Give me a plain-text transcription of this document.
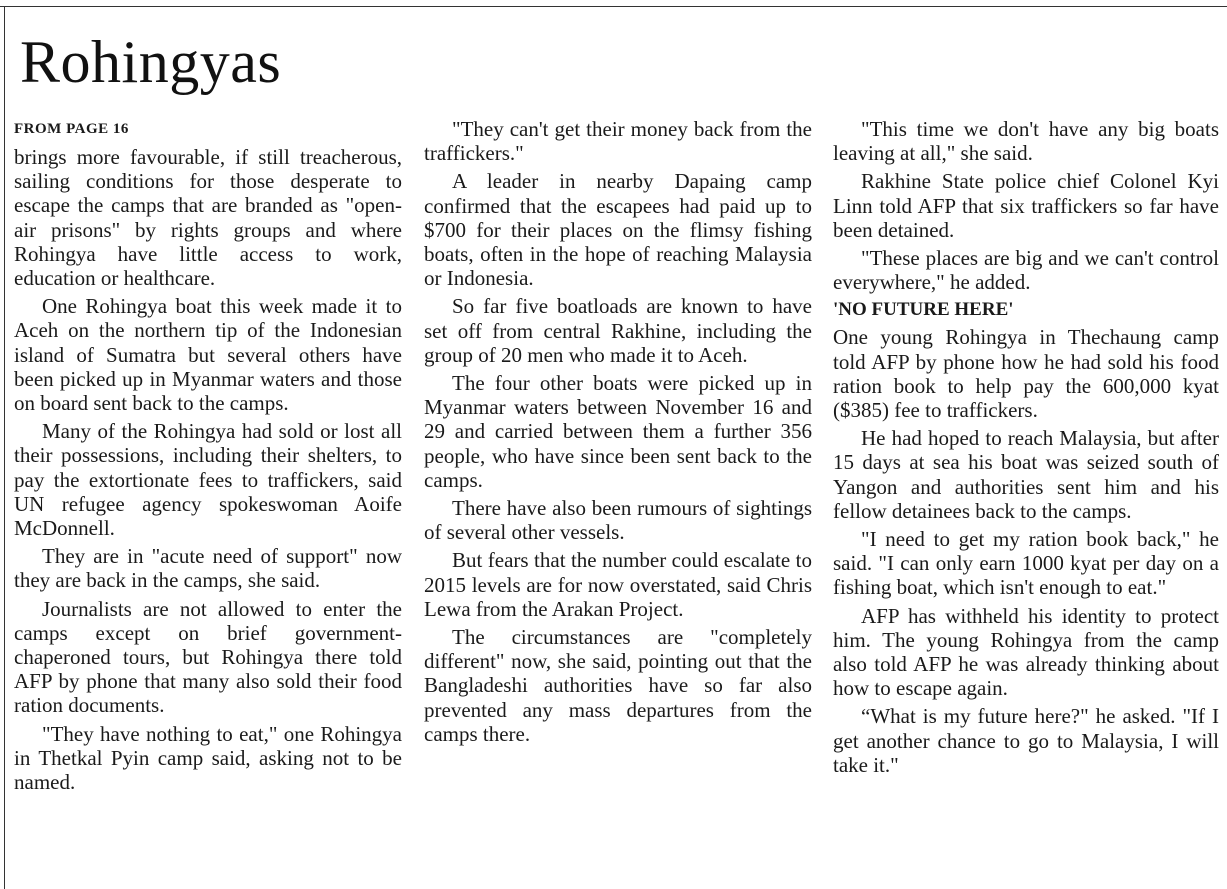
Rohingyas

FROM PAGE 16

brings more favourable, if still treacherous, sailing conditions for those desperate to escape the camps that are branded as "open-air prisons" by rights groups and where Rohingya have little access to work, education or healthcare.

One Rohingya boat this week made it to Aceh on the northern tip of the Indonesian island of Sumatra but several others have been picked up in Myanmar waters and those on board sent back to the camps.

Many of the Rohingya had sold or lost all their possessions, including their shelters, to pay the extortionate fees to traffickers, said UN refugee agency spokeswoman Aoife McDonnell.

They are in "acute need of support" now they are back in the camps, she said.

Journalists are not allowed to enter the camps except on brief government-chaperoned tours, but Rohingya there told AFP by phone that many also sold their food ration documents.

"They have nothing to eat," one Rohingya in Thetkal Pyin camp said, asking not to be named.

"They can't get their money back from the traffickers."

A leader in nearby Dapaing camp confirmed that the escapees had paid up to $700 for their places on the flimsy fishing boats, often in the hope of reaching Malaysia or Indonesia.

So far five boatloads are known to have set off from central Rakhine, including the group of 20 men who made it to Aceh.

The four other boats were picked up in Myanmar waters between November 16 and 29 and carried between them a further 356 people, who have since been sent back to the camps.

There have also been rumours of sightings of several other vessels.

But fears that the number could escalate to 2015 levels are for now overstated, said Chris Lewa from the Arakan Project.

The circumstances are "completely different" now, she said, pointing out that the Bangladeshi authorities have so far also prevented any mass departures from the camps there.

"This time we don't have any big boats leaving at all," she said.

Rakhine State police chief Colonel Kyi Linn told AFP that six traffickers so far have been detained.

"These places are big and we can't control everywhere," he added.

'NO FUTURE HERE'

One young Rohingya in Thechaung camp told AFP by phone how he had sold his food ration book to help pay the 600,000 kyat ($385) fee to traffickers.

He had hoped to reach Malaysia, but after 15 days at sea his boat was seized south of Yangon and authorities sent him and his fellow detainees back to the camps.

"I need to get my ration book back," he said. "I can only earn 1000 kyat per day on a fishing boat, which isn't enough to eat."

AFP has withheld his identity to protect him. The young Rohingya from the camp also told AFP he was already thinking about how to escape again.

“What is my future here?" he asked. "If I get another chance to go to Malaysia, I will take it."
